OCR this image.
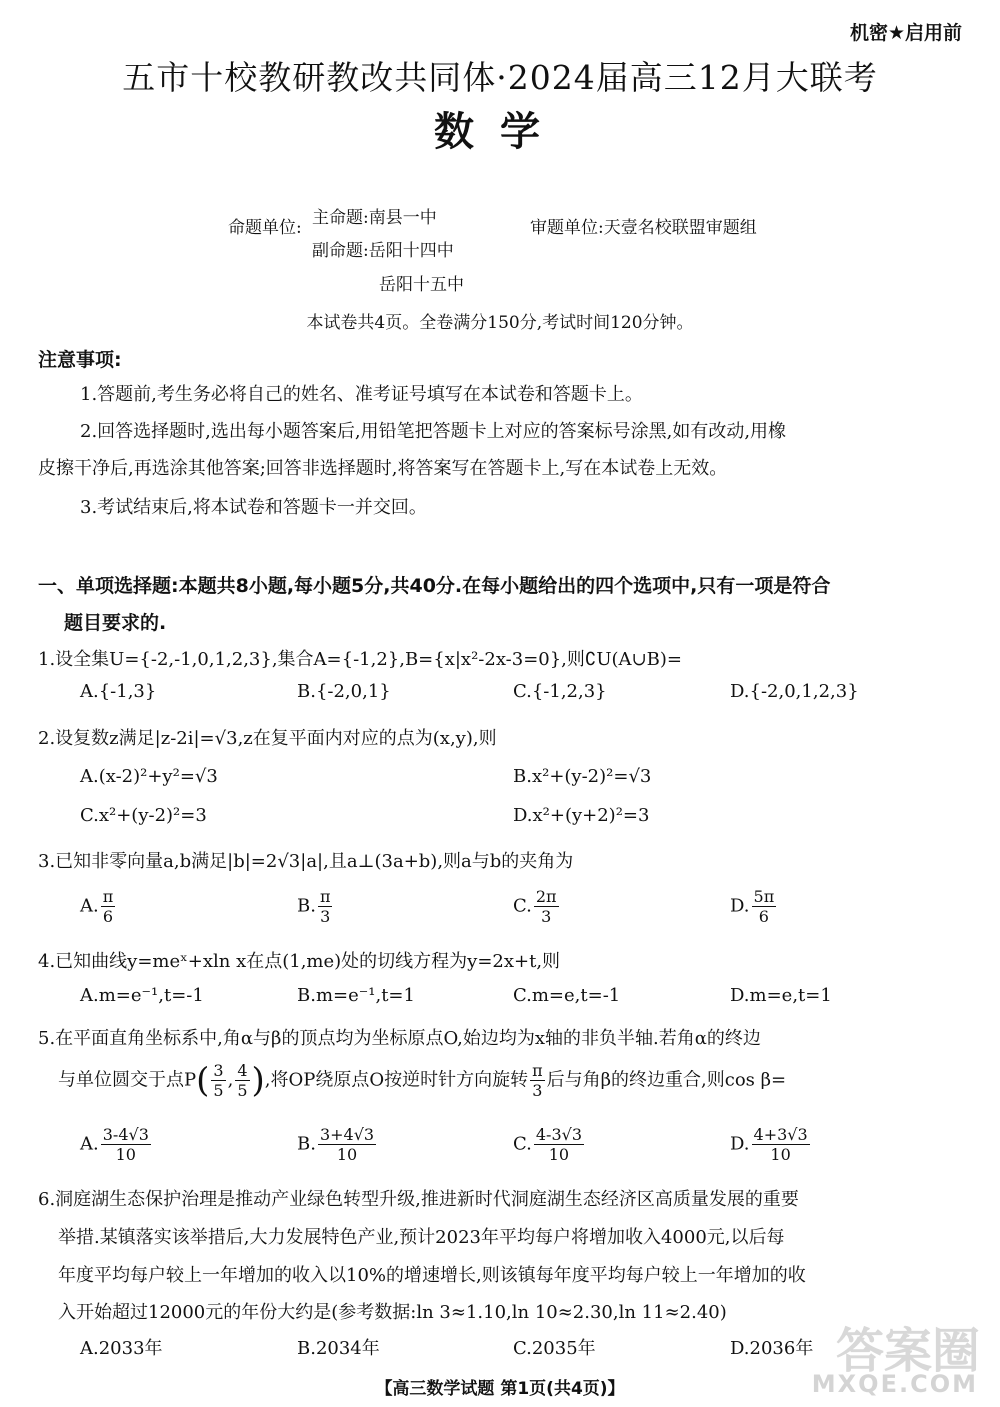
机密★启用前
五市十校教研教改共同体·2024届高三12月大联考
数学
命题单位: 主命题:南县一中
副命题:岳阳十四中
岳阳十五中
审题单位:天壹名校联盟审题组
本试卷共4页。全卷满分150分,考试时间120分钟。
注意事项:
1.答题前,考生务必将自己的姓名、准考证号填写在本试卷和答题卡上。
2.回答选择题时,选出每小题答案后,用铅笔把答题卡上对应的答案标号涂黑,如有改动,用橡
皮擦干净后,再选涂其他答案;回答非选择题时,将答案写在答题卡上,写在本试卷上无效。
3.考试结束后,将本试卷和答题卡一并交回。
一、单项选择题:本题共8小题,每小题5分,共40分.在每小题给出的四个选项中,只有一项是符合
题目要求的.
1.设全集U={-2,-1,0,1,2,3},集合A={-1,2},B={x|x²-2x-3=0},则∁U(A∪B)=
A.{-1,3}	B.{-2,0,1}	C.{-1,2,3}	D.{-2,0,1,2,3}
2.设复数z满足|z-2i|=√3,z在复平面内对应的点为(x,y),则
A.(x-2)²+y²=√3	B.x²+(y-2)²=√3
C.x²+(y-2)²=3	D.x²+(y+2)²=3
3.已知非零向量a,b满足|b|=2√3|a|,且a⊥(3a+b),则a与b的夹角为
A. $\frac{\pi}{6}$	B. $\frac{\pi}{3}$	C. $\frac{2\pi}{3}$	D. $\frac{5\pi}{6}$
4.已知曲线y=meˣ+xln x在点(1,me)处的切线方程为y=2x+t,则
A.m=e⁻¹,t=-1	B.m=e⁻¹,t=1	C.m=e,t=-1	D.m=e,t=1
5.在平面直角坐标系中,角α与β的顶点均为坐标原点O,始边均为x轴的非负半轴.若角α的终边
与单位圆交于点$P( \frac{3}{5}$ , $\frac{4}{5}$ ),将OP绕原点O按逆时针方向旋转 $\frac{\pi}{3}$ 后与角β的终边重合,则cos β=
A. $\frac{3-4√3}{10}$	B. $\frac{3+4√3}{10}$	C. $\frac{4-3√3}{10}$	D. $\frac{4+3√3}{10}$
6.洞庭湖生态保护治理是推动产业绿色转型升级,推进新时代洞庭湖生态经济区高质量发展的重要
举措.某镇落实该举措后,大力发展特色产业,预计2023年平均每户将增加收入4000元,以后每
年度平均每户较上一年增加的收入以10%的增速增长,则该镇每年度平均每户较上一年增加的收
入开始超过12000元的年份大约是(参考数据:ln 3≈1.10,ln 10≈2.30,ln 11≈2.40)
A.2033年	B.2034年	C.2035年	D.2036年 答案圈
MXQE.COM
【高三数学试题 第1页(共4页)】
